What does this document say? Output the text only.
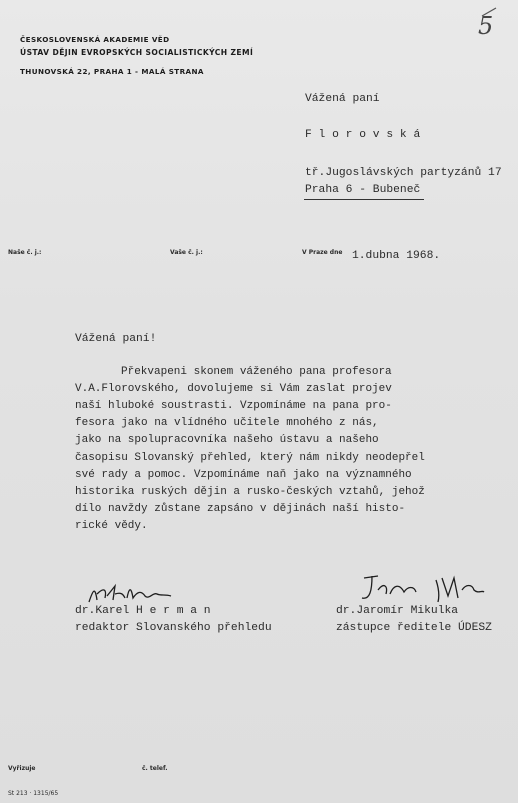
ČESKOSLOVENSKÁ AKADEMIE VĚD
ÚSTAV DĚJIN EVROPSKÝCH SOCIALISTICKÝCH ZEMÍ
THUNOVSKÁ 22, PRAHA 1 - MALÁ STRANA
5
Vážená paní
F l o r o v s k á
tř.Jugoslávských partyzánů 17
Praha 6 - Bubeneč
Naše č. j.:	Vaše č. j.:	V Praze dne 1.dubna 1968.
Vážená paní!
Překvapeni skonem váženého pana profesora
V.A.Florovského, dovolujeme si Vám zaslat projev
naší hluboké soustrasti. Vzpomínáme na pana pro-
fesora jako na vlídného učitele mnohého z nás,
jako na spolupracovníka našeho ústavu a našeho
časopisu Slovanský přehled, který nám nikdy neodepřel
své rady a pomoc. Vzpomínáme naň jako na významného
historika ruských dějin a rusko-českých vztahů, jehož
dílo navždy zůstane zapsáno v dějinách naší histo-
rické vědy.
dr.Karel H e r m a n
redaktor Slovanského přehledu
dr.Jaromír Mikulka
zástupce ředitele ÚDESZ
Vyřizuje	č. telef.
St 213 · 1315/65
